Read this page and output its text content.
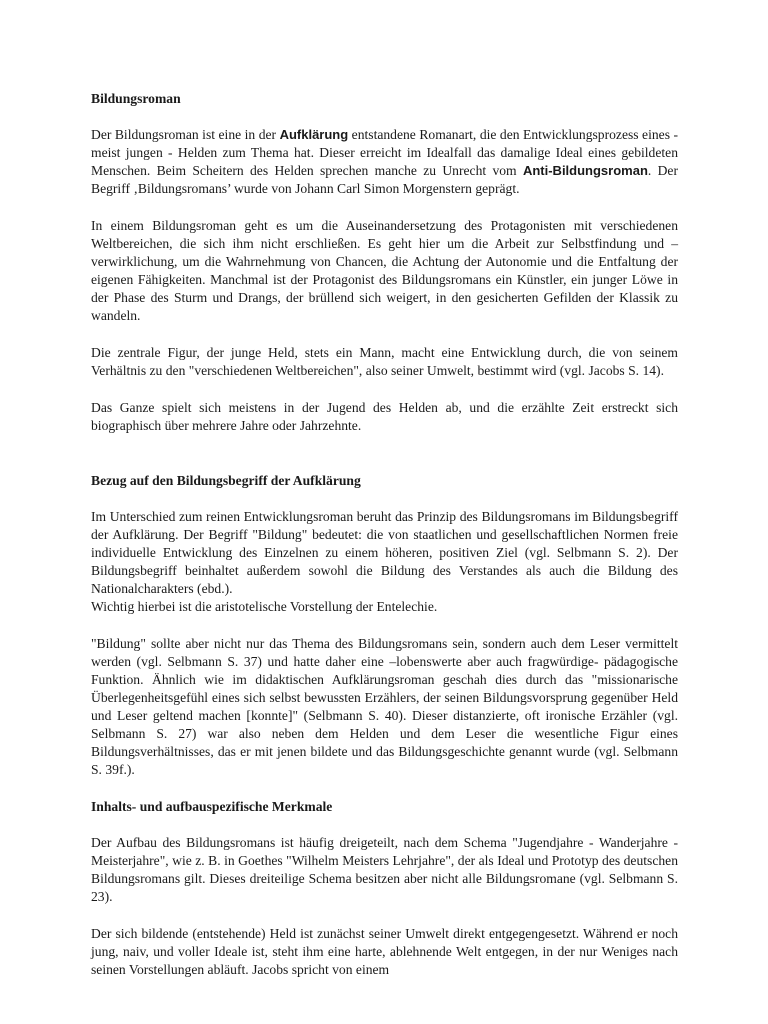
Bildungsroman

Der Bildungsroman ist eine in der Aufklärung entstandene Romanart, die den Entwicklungsprozess eines - meist jungen - Helden zum Thema hat. Dieser erreicht im Idealfall das damalige Ideal eines gebildeten Menschen. Beim Scheitern des Helden sprechen manche zu Unrecht vom Anti-Bildungsroman. Der Begriff ‚Bildungsromans’ wurde von Johann Carl Simon Morgenstern geprägt.

In einem Bildungsroman geht es um die Auseinandersetzung des Protagonisten mit verschiedenen Weltbereichen, die sich ihm nicht erschließen. Es geht hier um die Arbeit zur Selbstfindung und –verwirklichung, um die Wahrnehmung von Chancen, die Achtung der Autonomie und die Entfaltung der eigenen Fähigkeiten. Manchmal ist der Protagonist des Bildungsromans ein Künstler, ein junger Löwe in der Phase des Sturm und Drangs, der brüllend sich weigert, in den gesicherten Gefilden der Klassik zu wandeln.

Die zentrale Figur, der junge Held, stets ein Mann, macht eine Entwicklung durch, die von seinem Verhältnis zu den "verschiedenen Weltbereichen", also seiner Umwelt, bestimmt wird (vgl. Jacobs S. 14).

Das Ganze spielt sich meistens in der Jugend des Helden ab, und die erzählte Zeit erstreckt sich biographisch über mehrere Jahre oder Jahrzehnte.

Bezug auf den Bildungsbegriff der Aufklärung

Im Unterschied zum reinen Entwicklungsroman beruht das Prinzip des Bildungsromans im Bildungsbegriff der Aufklärung. Der Begriff "Bildung" bedeutet: die von staatlichen und gesellschaftlichen Normen freie individuelle Entwicklung des Einzelnen zu einem höheren, positiven Ziel (vgl. Selbmann S. 2). Der Bildungsbegriff beinhaltet außerdem sowohl die Bildung des Verstandes als auch die Bildung des Nationalcharakters (ebd.).

Wichtig hierbei ist die aristotelische Vorstellung der Entelechie.

"Bildung" sollte aber nicht nur das Thema des Bildungsromans sein, sondern auch dem Leser vermittelt werden (vgl. Selbmann S. 37) und hatte daher eine –lobenswerte aber auch fragwürdige- pädagogische Funktion. Ähnlich wie im didaktischen Aufklärungsroman geschah dies durch das "missionarische Überlegenheitsgefühl eines sich selbst bewussten Erzählers, der seinen Bildungsvorsprung gegenüber Held und Leser geltend machen [konnte]" (Selbmann S. 40). Dieser distanzierte, oft ironische Erzähler (vgl. Selbmann S. 27) war also neben dem Helden und dem Leser die wesentliche Figur eines Bildungsverhältnisses, das er mit jenen bildete und das Bildungsgeschichte genannt wurde (vgl. Selbmann S. 39f.).

Inhalts- und aufbauspezifische Merkmale

Der Aufbau des Bildungsromans ist häufig dreigeteilt, nach dem Schema "Jugendjahre - Wanderjahre - Meisterjahre", wie z. B. in Goethes "Wilhelm Meisters Lehrjahre", der als Ideal und Prototyp des deutschen Bildungsromans gilt. Dieses dreiteilige Schema besitzen aber nicht alle Bildungsromane (vgl. Selbmann S. 23).

Der sich bildende (entstehende) Held ist zunächst seiner Umwelt direkt entgegengesetzt. Während er noch jung, naiv, und voller Ideale ist, steht ihm eine harte, ablehnende Welt entgegen, in der nur Weniges nach seinen Vorstellungen abläuft. Jacobs spricht von einem
